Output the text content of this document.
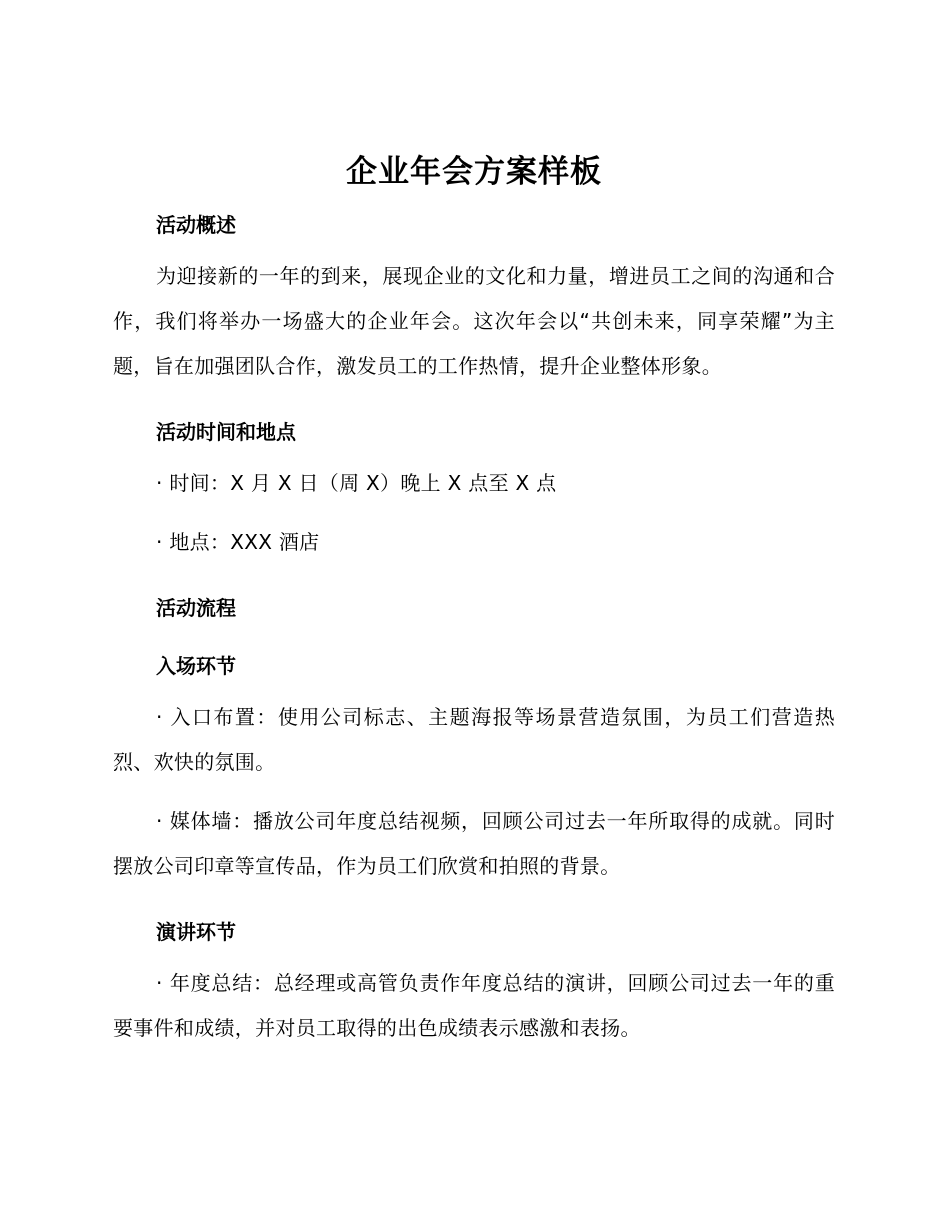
企业年会方案样板

活动概述

为迎接新的一年的到来，展现企业的文化和力量，增进员工之间的沟通和合作，我们将举办一场盛大的企业年会。这次年会以“共创未来，同享荣耀”为主题，旨在加强团队合作，激发员工的工作热情，提升企业整体形象。

活动时间和地点

· 时间：X 月 X 日（周 X）晚上 X 点至 X 点

· 地点：XXX 酒店

活动流程

入场环节

· 入口布置：使用公司标志、主题海报等场景营造氛围，为员工们营造热烈、欢快的氛围。

· 媒体墙：播放公司年度总结视频，回顾公司过去一年所取得的成就。同时摆放公司印章等宣传品，作为员工们欣赏和拍照的背景。

演讲环节

· 年度总结：总经理或高管负责作年度总结的演讲，回顾公司过去一年的重要事件和成绩，并对员工取得的出色成绩表示感激和表扬。
